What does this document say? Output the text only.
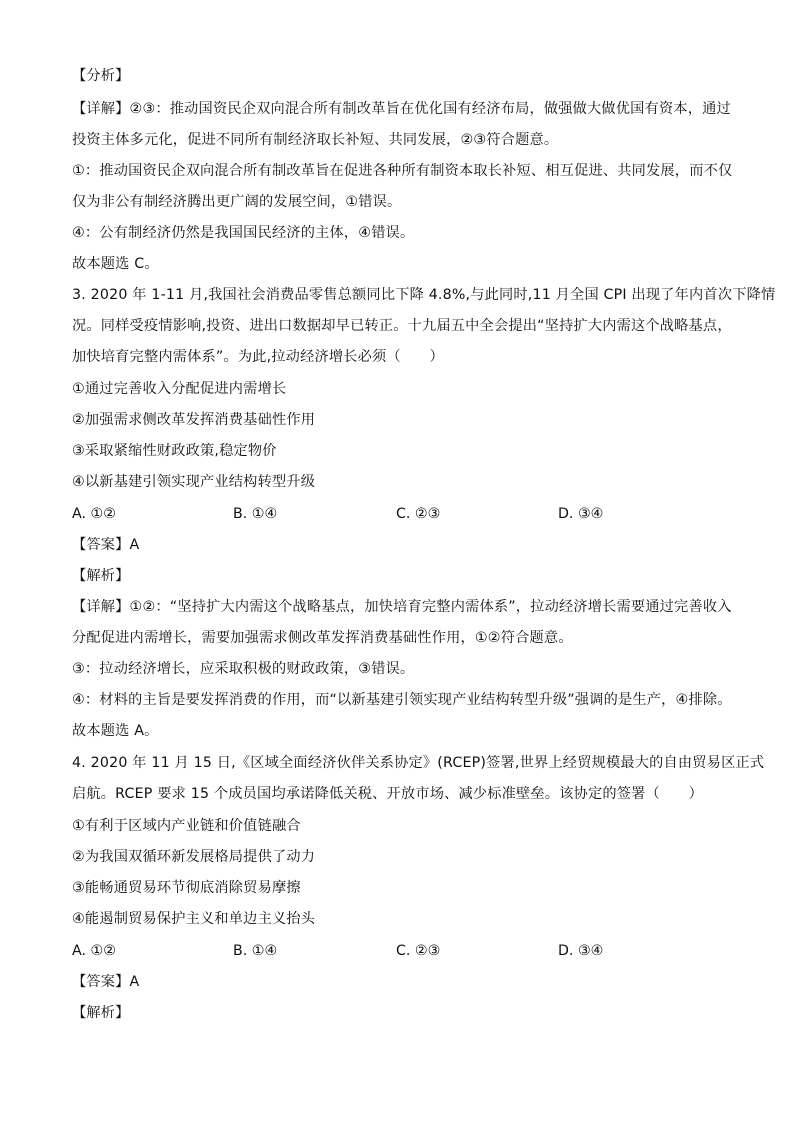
【分析】
【详解】②③：推动国资民企双向混合所有制改革旨在优化国有经济布局，做强做大做优国有资本，通过
投资主体多元化，促进不同所有制经济取长补短、共同发展，②③符合题意。
①：推动国资民企双向混合所有制改革旨在促进各种所有制资本取长补短、相互促进、共同发展，而不仅
仅为非公有制经济腾出更广阔的发展空间，①错误。
④：公有制经济仍然是我国国民经济的主体，④错误。
故本题选 C。
3. 2020 年 1-11 月,我国社会消费品零售总额同比下降 4.8%,与此同时,11 月全国 CPI 出现了年内首次下降情
况。同样受疫情影响,投资、进出口数据却早已转正。十九届五中全会提出“坚持扩大内需这个战略基点，
加快培育完整内需体系”。为此,拉动经济增长必须（　　）
①通过完善收入分配促进内需增长
②加强需求侧改革发挥消费基础性作用
③采取紧缩性财政政策,稳定物价
④以新基建引领实现产业结构转型升级
A. ①②	B. ①④	C. ②③	D. ③④
【答案】A
【解析】
【详解】①②：“坚持扩大内需这个战略基点，加快培育完整内需体系”，拉动经济增长需要通过完善收入
分配促进内需增长，需要加强需求侧改革发挥消费基础性作用，①②符合题意。
③：拉动经济增长，应采取积极的财政政策，③错误。
④：材料的主旨是要发挥消费的作用，而“以新基建引领实现产业结构转型升级”强调的是生产，④排除。
故本题选 A。
4. 2020 年 11 月 15 日,《区域全面经济伙伴关系协定》(RCEP)签署,世界上经贸规模最大的自由贸易区正式
启航。RCEP 要求 15 个成员国均承诺降低关税、开放市场、减少标准壁垒。该协定的签署（　　）
①有利于区域内产业链和价值链融合
②为我国双循环新发展格局提供了动力
③能畅通贸易环节彻底消除贸易摩擦
④能遏制贸易保护主义和单边主义抬头
A. ①②	B. ①④	C. ②③	D. ③④
【答案】A
【解析】
